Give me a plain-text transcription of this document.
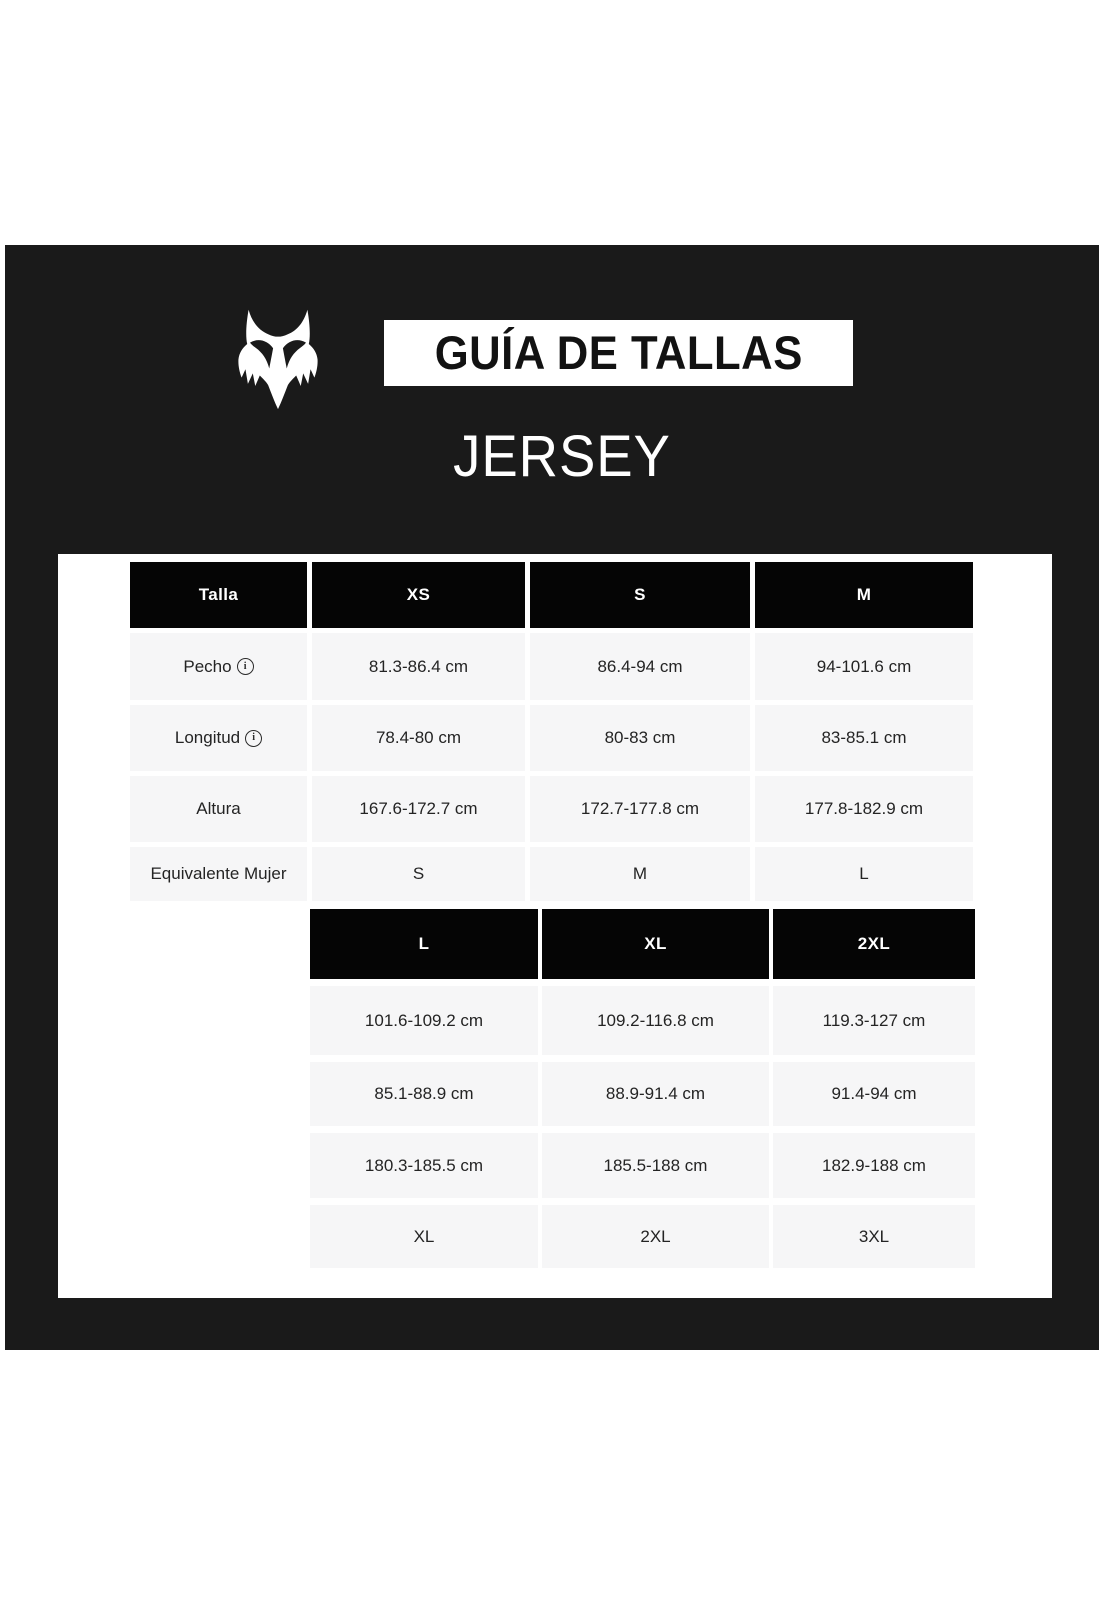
GUÍA DE TALLAS
JERSEY
Talla	XS	S	M
Pecho	i	81.3-86.4 cm	86.4-94 cm	94-101.6 cm
Longitud	i	78.4-80 cm	80-83 cm	83-85.1 cm
Altura	167.6-172.7 cm	172.7-177.8 cm	177.8-182.9 cm
Equivalente Mujer	S	M	L
L	XL	2XL
101.6-109.2 cm	109.2-116.8 cm	119.3-127 cm
85.1-88.9 cm	88.9-91.4 cm	91.4-94 cm
180.3-185.5 cm	185.5-188 cm	182.9-188 cm
XL	2XL	3XL
